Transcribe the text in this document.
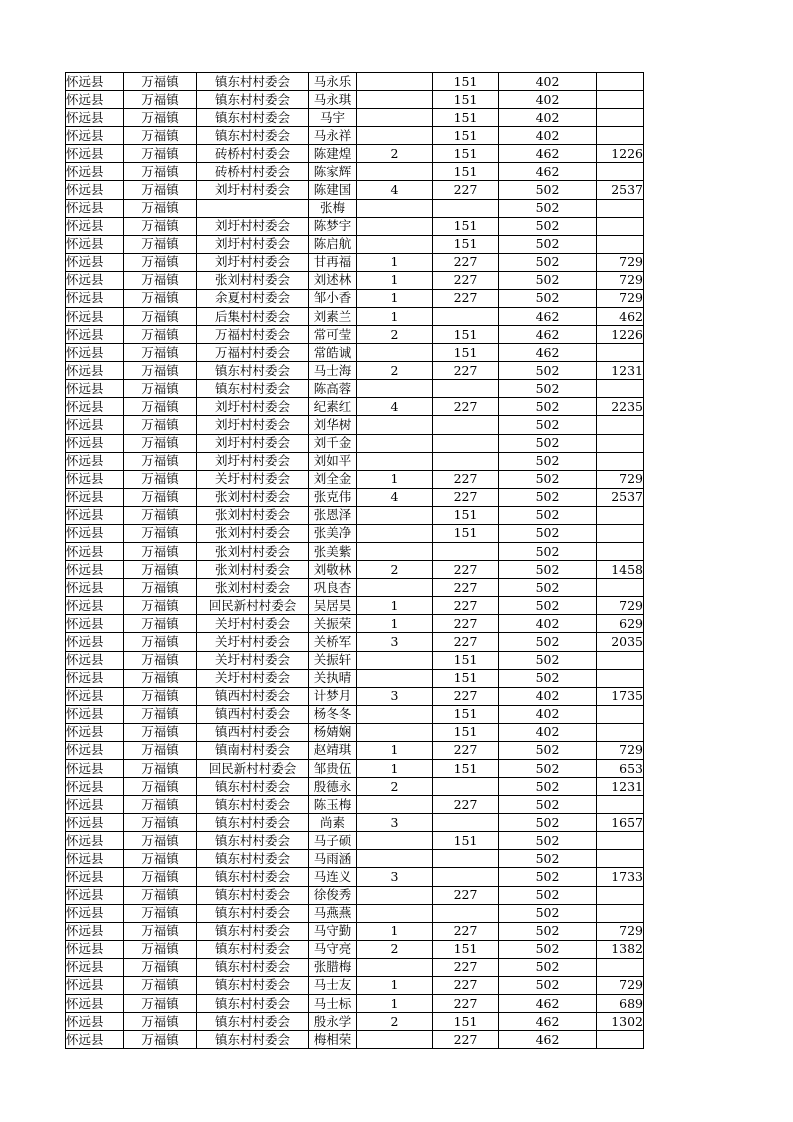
怀远县	万福镇	镇东村村委会	马永乐		151	402	
怀远县	万福镇	镇东村村委会	马永琪		151	402	
怀远县	万福镇	镇东村村委会	马宇		151	402	
怀远县	万福镇	镇东村村委会	马永祥		151	402	
怀远县	万福镇	砖桥村村委会	陈建煌	2	151	462	1226
怀远县	万福镇	砖桥村村委会	陈家辉		151	462	
怀远县	万福镇	刘圩村村委会	陈建国	4	227	502	2537
怀远县	万福镇		张梅			502	
怀远县	万福镇	刘圩村村委会	陈梦宇		151	502	
怀远县	万福镇	刘圩村村委会	陈启航		151	502	
怀远县	万福镇	刘圩村村委会	甘再福	1	227	502	729
怀远县	万福镇	张刘村村委会	刘述林	1	227	502	729
怀远县	万福镇	余夏村村委会	邹小香	1	227	502	729
怀远县	万福镇	后集村村委会	刘素兰	1		462	462
怀远县	万福镇	万福村村委会	常可莹	2	151	462	1226
怀远县	万福镇	万福村村委会	常皓诚		151	462	
怀远县	万福镇	镇东村村委会	马士海	2	227	502	1231
怀远县	万福镇	镇东村村委会	陈高蓉			502	
怀远县	万福镇	刘圩村村委会	纪素红	4	227	502	2235
怀远县	万福镇	刘圩村村委会	刘华树			502	
怀远县	万福镇	刘圩村村委会	刘千金			502	
怀远县	万福镇	刘圩村村委会	刘如平			502	
怀远县	万福镇	关圩村村委会	刘全金	1	227	502	729
怀远县	万福镇	张刘村村委会	张克伟	4	227	502	2537
怀远县	万福镇	张刘村村委会	张恩泽		151	502	
怀远县	万福镇	张刘村村委会	张美净		151	502	
怀远县	万福镇	张刘村村委会	张美紫			502	
怀远县	万福镇	张刘村村委会	刘敬林	2	227	502	1458
怀远县	万福镇	张刘村村委会	巩良杏		227	502	
怀远县	万福镇	回民新村村委会	吴居昊	1	227	502	729
怀远县	万福镇	关圩村村委会	关振荣	1	227	402	629
怀远县	万福镇	关圩村村委会	关桥军	3	227	502	2035
怀远县	万福镇	关圩村村委会	关振轩		151	502	
怀远县	万福镇	关圩村村委会	关执晴		151	502	
怀远县	万福镇	镇西村村委会	计梦月	3	227	402	1735
怀远县	万福镇	镇西村村委会	杨冬冬		151	402	
怀远县	万福镇	镇西村村委会	杨婧娴		151	402	
怀远县	万福镇	镇南村村委会	赵靖琪	1	227	502	729
怀远县	万福镇	回民新村村委会	邹贵伍	1	151	502	653
怀远县	万福镇	镇东村村委会	殷德永	2		502	1231
怀远县	万福镇	镇东村村委会	陈玉梅		227	502	
怀远县	万福镇	镇东村村委会	尚素	3		502	1657
怀远县	万福镇	镇东村村委会	马子硕		151	502	
怀远县	万福镇	镇东村村委会	马雨涵			502	
怀远县	万福镇	镇东村村委会	马连义	3		502	1733
怀远县	万福镇	镇东村村委会	徐俊秀		227	502	
怀远县	万福镇	镇东村村委会	马燕燕			502	
怀远县	万福镇	镇东村村委会	马守勤	1	227	502	729
怀远县	万福镇	镇东村村委会	马守亮	2	151	502	1382
怀远县	万福镇	镇东村村委会	张腊梅		227	502	
怀远县	万福镇	镇东村村委会	马士友	1	227	502	729
怀远县	万福镇	镇东村村委会	马士标	1	227	462	689
怀远县	万福镇	镇东村村委会	殷永学	2	151	462	1302
怀远县	万福镇	镇东村村委会	梅相荣		227	462	
